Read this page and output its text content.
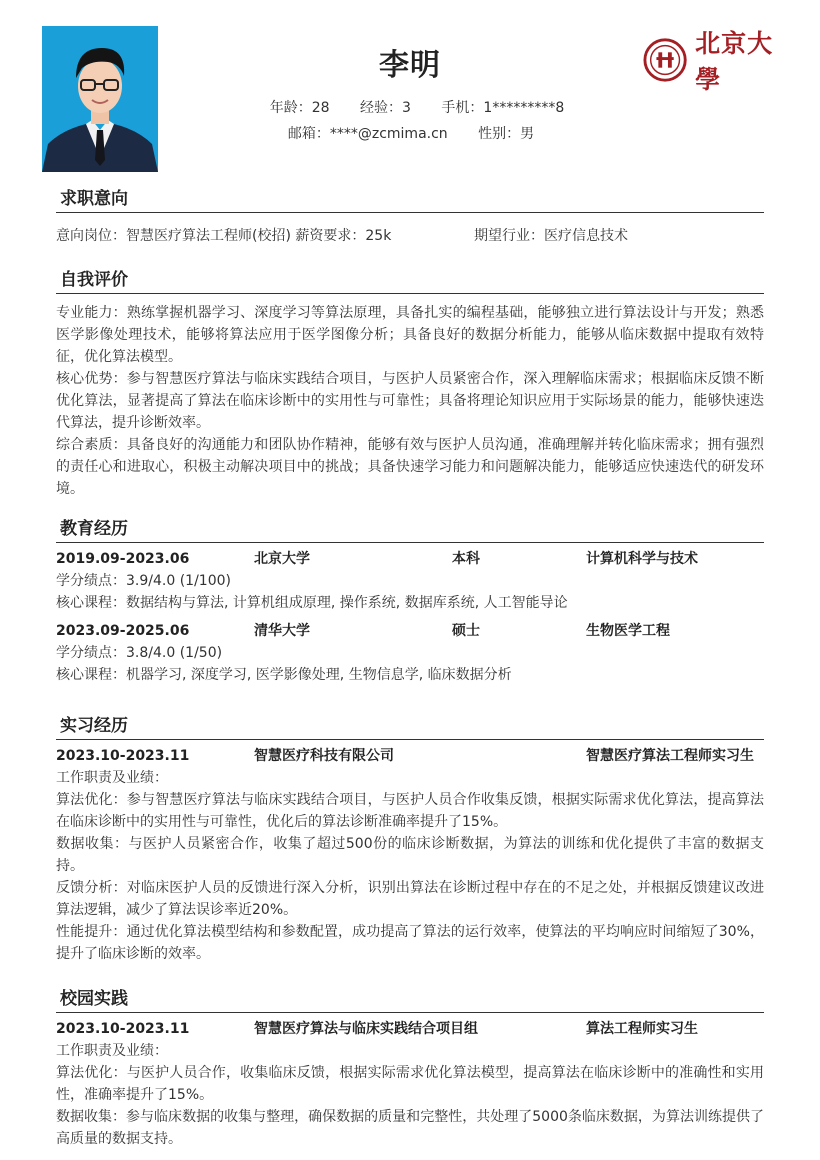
李明
年龄：28 经验：3 手机：1*********8
邮箱：****@zcmima.cn 性别：男
北京大學
求职意向
意向岗位：智慧医疗算法工程师(校招) 薪资要求：25k	期望行业：医疗信息技术
自我评价

专业能力：熟练掌握机器学习、深度学习等算法原理，具备扎实的编程基础，能够独立进行算法设计与开发；熟悉医学影像处理技术，能够将算法应用于医学图像分析；具备良好的数据分析能力，能够从临床数据中提取有效特征，优化算法模型。

核心优势：参与智慧医疗算法与临床实践结合项目，与医护人员紧密合作，深入理解临床需求；根据临床反馈不断优化算法，显著提高了算法在临床诊断中的实用性与可靠性；具备将理论知识应用于实际场景的能力，能够快速迭代算法，提升诊断效率。

综合素质：具备良好的沟通能力和团队协作精神，能够有效与医护人员沟通，准确理解并转化临床需求；拥有强烈的责任心和进取心，积极主动解决项目中的挑战；具备快速学习能力和问题解决能力，能够适应快速迭代的研发环境。

教育经历
2019.09-2023.06	北京大学	本科	计算机科学与技术

学分绩点：3.9/4.0 (1/100)

核心课程：数据结构与算法, 计算机组成原理, 操作系统, 数据库系统, 人工智能导论

2023.09-2025.06	清华大学	硕士	生物医学工程

学分绩点：3.8/4.0 (1/50)

核心课程：机器学习, 深度学习, 医学影像处理, 生物信息学, 临床数据分析

实习经历
2023.10-2023.11	智慧医疗科技有限公司	智慧医疗算法工程师实习生

工作职责及业绩：

算法优化：参与智慧医疗算法与临床实践结合项目，与医护人员合作收集反馈，根据实际需求优化算法，提高算法在临床诊断中的实用性与可靠性，优化后的算法诊断准确率提升了15%。

数据收集：与医护人员紧密合作，收集了超过500份的临床诊断数据，为算法的训练和优化提供了丰富的数据支持。

反馈分析：对临床医护人员的反馈进行深入分析，识别出算法在诊断过程中存在的不足之处，并根据反馈建议改进算法逻辑，减少了算法误诊率近20%。

性能提升：通过优化算法模型结构和参数配置，成功提高了算法的运行效率，使算法的平均响应时间缩短了30%，提升了临床诊断的效率。

校园实践
2023.10-2023.11	智慧医疗算法与临床实践结合项目组	算法工程师实习生

工作职责及业绩：

算法优化：与医护人员合作，收集临床反馈，根据实际需求优化算法模型，提高算法在临床诊断中的准确性和实用性，准确率提升了15%。

数据收集：参与临床数据的收集与整理，确保数据的质量和完整性，共处理了5000条临床数据，为算法训练提供了高质量的数据支持。
